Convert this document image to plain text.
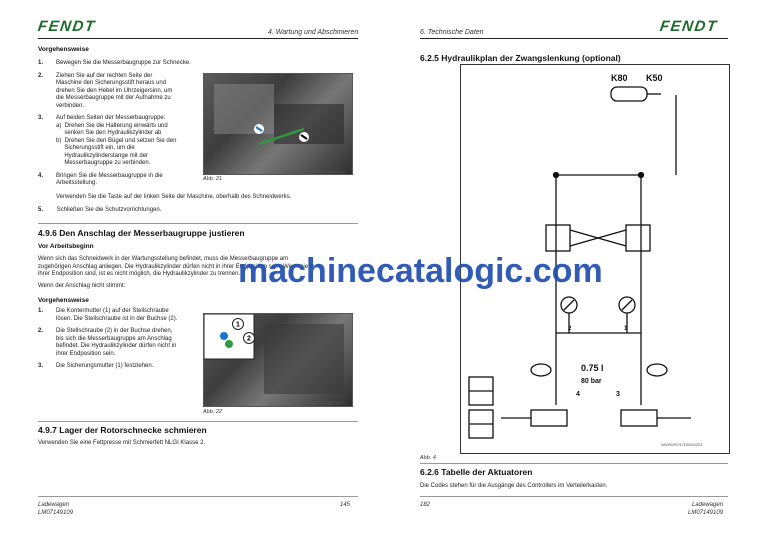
FENDT	4. Wartung und Abschmieren
Vorgehensweise
1.	Bewegen Sie die Messerbaugruppe zur Schnecke.
2.	Ziehen Sie auf der rechten Seite der
Maschine den Sicherungsstift heraus und
drehen Sie den Hebel im Uhrzeigersinn, um
die Messerbaugruppe mit der Aufnahme zu
verbinden.
3.	Auf beiden Seiten der Messerbaugruppe:
a)  Drehen Sie die Halterung einwärts und
senken Sie den Hydraulikzylinder ab
b)  Drehen Sie den Bügel und setzen Sie den
Sicherungsstift ein, um die
Hydraulikzylinderstange mit der
Messerbaugruppe zu verbinden.
4.	Bringen Sie die Messerbaugruppe in die
Arbeitsstellung.
Verwenden Sie die Taste auf der linken Seite der Maschine, oberhalb des Schneidwerks.
5. Schließen Sie die Schutzvorrichtungen.
Abb. 21
NWHDRO17B0006401
4.9.6 Den Anschlag der Messerbaugruppe justieren
Vor Arbeitsbeginn
Wenn sich das Schneidwerk in der Wartungsstellung befindet, muss die Messerbaugruppe am
zugehörigen Anschlag anliegen. Die Hydraulikzylinder dürfen nicht in ihrer Endposition sein. Wenn sie in
ihrer Endposition sind, ist es nicht möglich, die Hydraulikzylinder zu trennen.
Wenn der Anschlag nicht stimmt:
Vorgehensweise
1.	Die Kontermutter (1) auf der Stellschraube
lösen. Die Stellschraube ist in der Buchse (2).
2.	Die Stellschraube (2) in der Buchse drehen,
bis sich die Messerbaugruppe am Anschlag
befindet. Die Hydraulikzylinder dürfen nicht in
ihrer Endposition sein.
3.	Die Sicherungsmutter (1) festziehen.
1
2
Abb. 22
NWHDRO17B0008701
4.9.7 Lager der Rotorschnecke schmieren
Verwenden Sie eine Fettpresse mit Schmierfett NLGI Klasse 2.
Ladewagen
LM07149109
145
FENDT
6. Technische Daten
6.2.5 Hydraulikplan der Zwangslenkung (optional)
K80 K50
2	1
0.75 l
80 bar
4	3
NWHDRO17D0000203
Abb. 4
6.2.6 Tabelle der Aktuatoren
Die Codes stehen für die Ausgänge des Controllers im Verteilerkasten.
182	Ladewagen
LM07149109
machinecatalogic.com
